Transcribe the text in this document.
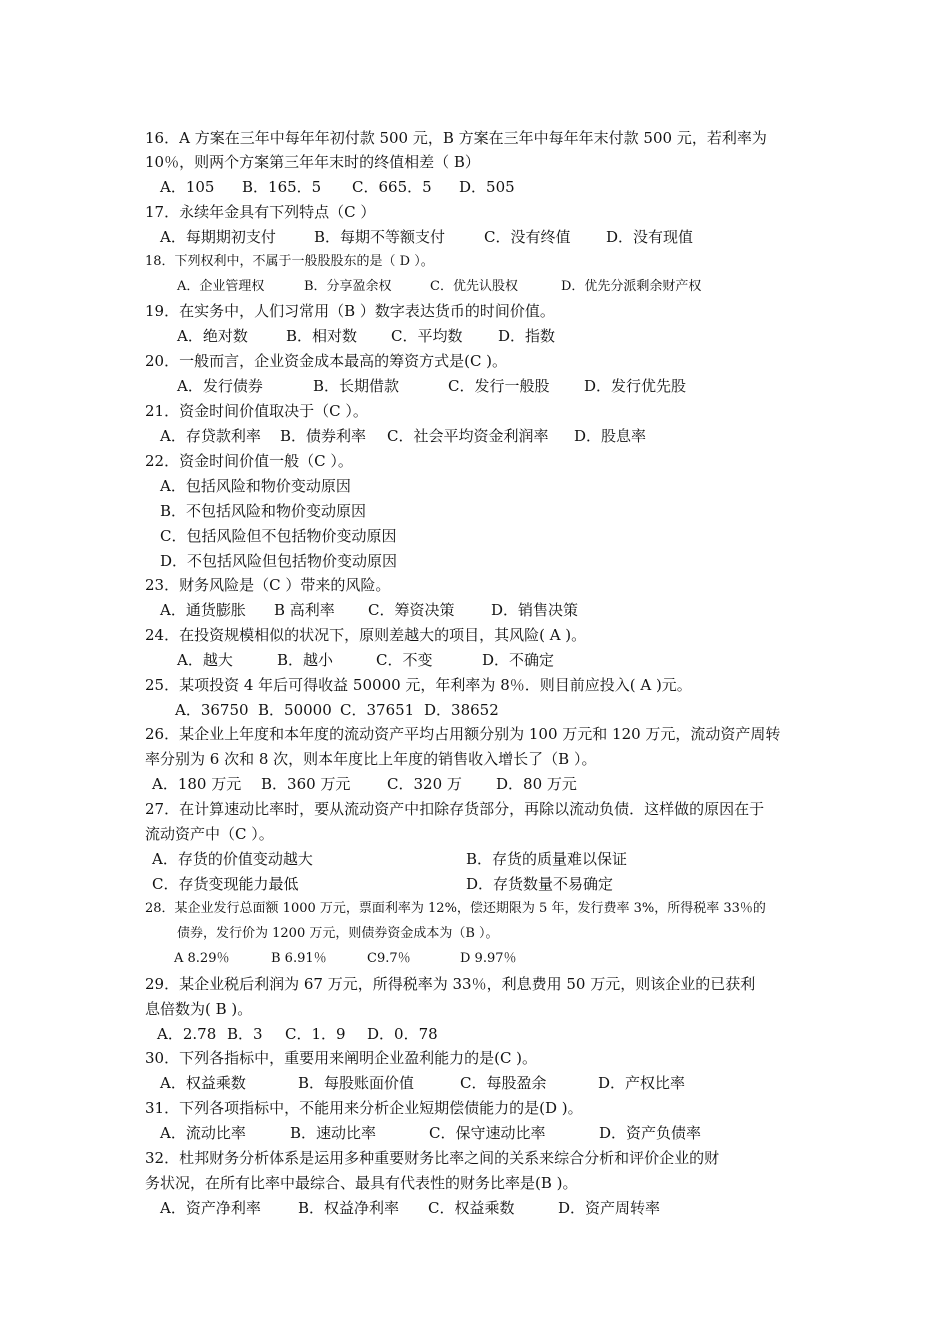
16．A 方案在三年中每年年初付款 500 元，B 方案在三年中每年年末付款 500 元，若利率为
10％，则两个方案第三年年末时的终值相差（ B）
A．105 B．165．5 C．665．5 D．505
17．永续年金具有下列特点（C ）
A．每期期初支付	B．每期不等额支付	C．没有终值 D．没有现值
18．下列权利中，不属于一般股股东的是（ D ）。
A．企业管理权	B．分享盈余权	C．优先认股权	D．优先分派剩余财产权
19．在实务中，人们习常用（B ）数字表达货币的时间价值。
A．绝对数	B．相对数 C．平均数 D．指数
20．一般而言，企业资金成本最高的筹资方式是(C )。
A．发行债券	B．长期借款	C．发行一般股 D．发行优先股
21．资金时间价值取决于（C ）。
A．存贷款利率 B．债券利率 C．社会平均资金利润率 D．股息率
22．资金时间价值一般（C ）。
A．包括风险和物价变动原因
B．不包括风险和物价变动原因
C．包括风险但不包括物价变动原因
D．不包括风险但包括物价变动原因
23．财务风险是（C ）带来的风险。
A．通货膨胀 B 高利率 C．筹资决策 D．销售决策
24．在投资规模相似的状况下，原则差越大的项目，其风险( A )。
A．越大	B．越小	C．不变	D．不确定
25．某项投资 4 年后可得收益 50000 元，年利率为 8％．则目前应投入( A )元。
A．36750 B．50000 C．37651 D．38652
26．某企业上年度和本年度的流动资产平均占用额分别为 100 万元和 120 万元，流动资产周转
率分别为 6 次和 8 次，则本年度比上年度的销售收入增长了（B ）。
A．180 万元 B．360 万元 C．320 万 D．80 万元
27．在计算速动比率时，要从流动资产中扣除存货部分，再除以流动负债．这样做的原因在于
流动资产中（C ）。
A．存货的价值变动越大	B．存货的质量难以保证
C．存货变现能力最低	D．存货数量不易确定
28．某企业发行总面额 1000 万元，票面利率为 12%，偿还期限为 5 年，发行费率 3%，所得税率 33％的
债券，发行价为 1200 万元，则债券资金成本为（B ）。
A 8.29％	B 6.91％	C9.7％	D 9.97％
29．某企业税后利润为 67 万元，所得税率为 33％，利息费用 50 万元，则该企业的已获利
息倍数为( B )。
A．2.78 B．3 C．1．9 D．0．78
30．下列各指标中，重要用来阐明企业盈利能力的是(C )。
A．权益乘数	B．每股账面价值	C．每股盈余	D．产权比率
31．下列各项指标中，不能用来分析企业短期偿债能力的是(D )。
A．流动比率	B．速动比率	C．保守速动比率	D．资产负债率
32．杜邦财务分析体系是运用多种重要财务比率之间的关系来综合分析和评价企业的财
务状况，在所有比率中最综合、最具有代表性的财务比率是(B )。
A．资产净利率 B．权益净利率 C．权益乘数	D．资产周转率
